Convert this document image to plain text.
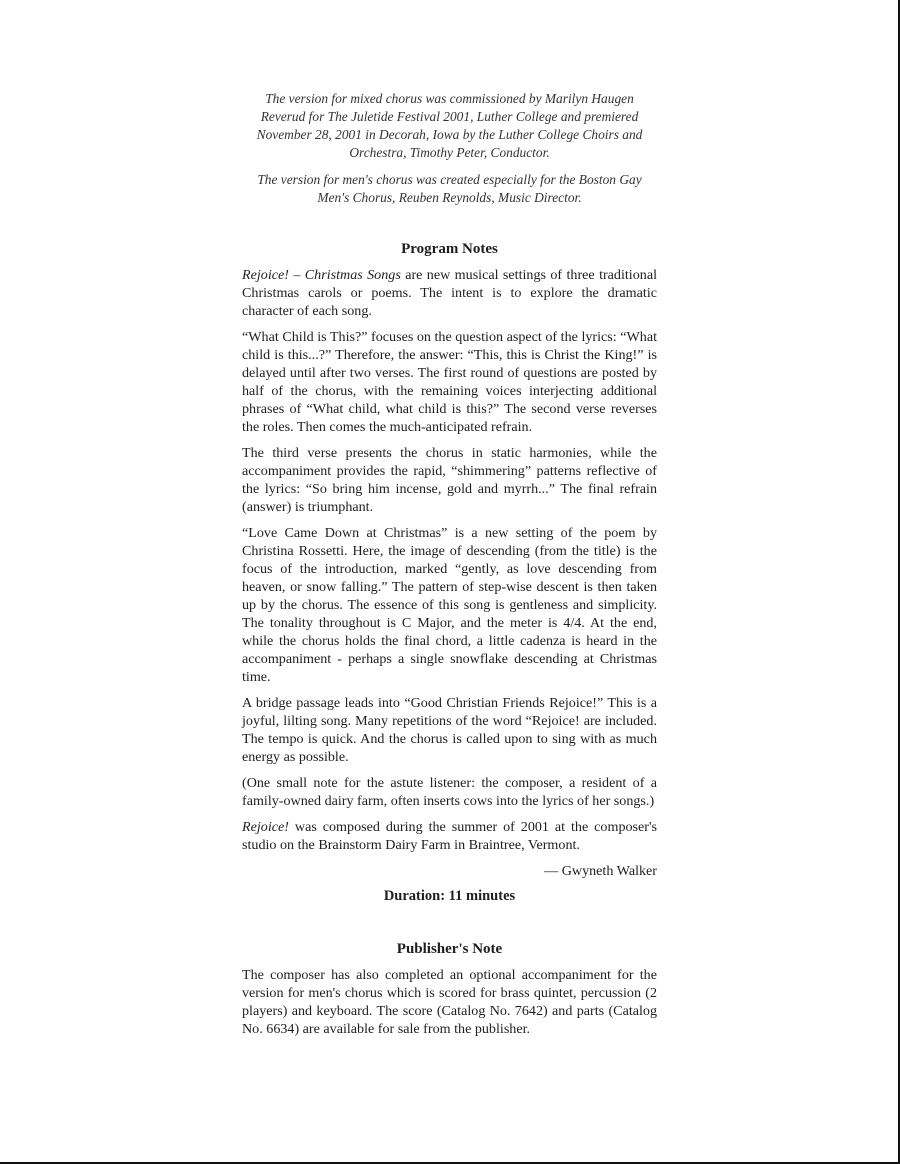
The version for mixed chorus was commissioned by Marilyn Haugen Reverud for The Juletide Festival 2001, Luther College and premiered November 28, 2001 in Decorah, Iowa by the Luther College Choirs and Orchestra, Timothy Peter, Conductor.

The version for men's chorus was created especially for the Boston Gay Men's Chorus, Reuben Reynolds, Music Director.

Program Notes

Rejoice! – Christmas Songs are new musical settings of three traditional Christmas carols or poems. The intent is to explore the dramatic character of each song.

“What Child is This?” focuses on the question aspect of the lyrics: “What child is this...?” Therefore, the answer: “This, this is Christ the King!” is delayed until after two verses. The first round of questions are posted by half of the chorus, with the remaining voices interjecting additional phrases of “What child, what child is this?” The second verse reverses the roles. Then comes the much-anticipated refrain.

The third verse presents the chorus in static harmonies, while the accompaniment provides the rapid, “shimmering” patterns reflective of the lyrics: “So bring him incense, gold and myrrh...” The final refrain (answer) is triumphant.

“Love Came Down at Christmas” is a new setting of the poem by Christina Rossetti. Here, the image of descending (from the title) is the focus of the introduction, marked “gently, as love descending from heaven, or snow falling.” The pattern of step-wise descent is then taken up by the chorus. The essence of this song is gentleness and simplicity. The tonality throughout is C Major, and the meter is 4/4. At the end, while the chorus holds the final chord, a little cadenza is heard in the accompaniment - perhaps a single snowflake descending at Christmas time.

A bridge passage leads into “Good Christian Friends Rejoice!” This is a joyful, lilting song. Many repetitions of the word “Rejoice! are included. The tempo is quick. And the chorus is called upon to sing with as much energy as possible.

(One small note for the astute listener: the composer, a resident of a family-owned dairy farm, often inserts cows into the lyrics of her songs.)

Rejoice! was composed during the summer of 2001 at the composer's studio on the Brainstorm Dairy Farm in Braintree, Vermont.

— Gwyneth Walker

Duration: 11 minutes

Publisher's Note

The composer has also completed an optional accompaniment for the version for men's chorus which is scored for brass quintet, percussion (2 players) and keyboard. The score (Catalog No. 7642) and parts (Catalog No. 6634) are available for sale from the publisher.
